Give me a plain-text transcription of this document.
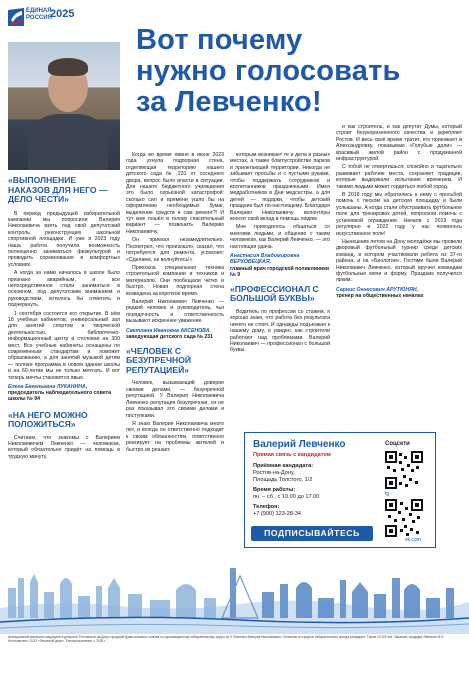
ЕДИНАЯ
РОССИЯ
2025
Вот почему
нужно голосовать
за Левченко!
«ВЫПОЛНЕНИЕ НАКАЗОВ ДЛЯ НЕГО — ДЕЛО ЧЕСТИ»

В период предыдущей избирательной кампании мы попросили Валерия Николаевича взять под свой депутатский контроль реконструкцию школьной спортивной площадки. И уже в 2023 году наша работа получила возможность полноценно заниматься физкультурой и проводить соревнования в комфортных условиях.

А когда за нами началось в школе было признано аварийным, и все непосредственное стали заниматься в основном, под депутатским вниманием и руководством, хотелось бы отметить и подчеркнуть.

1 сентября состоится его открытие. В нём 18 учебных кабинетов, универсальный зал для занятий спортом и творческой деятельностью, библиотечно-информационный центр и столовая на 300 мест. Все учебные кабинеты оснащены по современным стандартам и поможет образованию, а для занятий музыкой детям — полная программа в новом здании школы и на 60-летие мы не только мечтать. И вот теперь мечты становятся явью.

Елена Евгеньевна ЛУКАНИНА,
председатель наблюдательного совета школы № 94
«НА НЕГО МОЖНО ПОЛОЖИТЬСЯ»

Считаем, что знакомы с Валерием Николаевичем Левченко — человеком, который обязательно придёт на помощь в трудную минуту.

Когда во время ливня в июне 2023 года ухнула подпорная стена, отделяющая территорию нашего детского сада № 231 от соседнего двора, вопрос было власти в ситуации. Для нашего бюджетного учреждения это было серьёзной катастрофой: сколько сил и времени ушло бы на оформление необходимых бумаг, выделение средств и сам ремонт?! И тут мне пошёл в голову спасительный вариант — позвонить Валерию Николаевичу.

Он приехал незамедлительно. Посмотрел, что произошло, сказал, что потребуется для ремонта, успокоил: «Сделаем, не волнуйтесь!»

Приехала специальная техника строительной компании и техников и материалов. Они пообещали чётко и быстро. Новая подпорная стена возведена за короткое время.

Валерий Николаевич Левченко — редкий человек и руководитель, чья порядочность и ответственность вызывают искреннее уважение.

Светлана Ивановна АКСЕНОВА,
заведующая детского сада № 231
«ЧЕЛОВЕК С БЕЗУПРЕЧНОЙ РЕПУТАЦИЕЙ»

Человек, вызывающий доверие своими делами, — безупречной репутацией. У Валерия Николаевича Левченко репутация безупречная, он не раз показывал это своими делами и поступками.

Я знаю Валерия Николаевича много лет, и всегда он ответственно подходит к своим обязанностям, ответственно реагирует на проблемы жителей и быстро их решает.

которым возникает те и дела в разных местах, а также благоустройстве парков и прилегающей территории. Никогда не забывает просьбы и с пустыми руками, чтобы поддержать сотрудников и воспитанников праздничными. Имея медработников в Дни медсестры, а для детей — подарки, чтобы детский праздник был по-настоящему. Благодаря Валерию Николаевичу волонтёры вносят свой вклад в помощь людям.

Мне приходилось общаться со многими людьми, и общение с таким человеком, как Валерий Левченко, — это настоящая удача.

Анастасия Владимировна ВЕРХОВЕЦКАЯ,
главный врач городской поликлиники № 9
«ПРОФЕССИОНАЛ С БОЛЬШОЙ БУКВЫ»

Водитель по профессии со стажем, я хорошо знаю, что работа без результата ничего не стоит. И однажды подъезжая к нашему дому, я увидел, как строители работают над проблемами. Валерий Николаевич — профессионал с большой буквы.

и как строитель, и как депутат Думы, который строит безукоризненного качества и укрепляет Ростов. И весь своё время тратит, кто приезжает в Александровку, показываю «Голубые дали» — красивый жилой район с продуманной инфраструктурой.

С тобой не отвертишься: спокойно и тщательно развивает рабочие места, сохраняет традиции, которые выдержали испытание временем. И такими людьми может гордиться любой город.

В 2018 году мы обратились к нему с просьбой помочь с песком на детскую площадку и были услышаны. А когда стали обустраивать футбольное поле для тренировок детей, попросили помочь с установкой ограждения. Начали с 2019 года регулярно в 2022 году у нас появилось искусственное поле!

Нынешним летом на Дону молодёжи мы провели дворовый футбольный турнир среди детских команд, в котором участвовали ребята из 37-го района, и на «Биологии». Гостями были Валерий Николаевич Левченко, который вручил командам футбольные мячи и форму. Праздник получился ярким.

Сарнис Огнесович АРУТЮНЯН,
тренер на общественных началах
Валерий Левченко
Прямая связь с кандидатом
Приёмная кандидата:
Ростов-на-Дону,
Площадь Толстого, 1/2
Время работы:
пн. – сб., с 10.00 до 17.00
Телефон:
+7 (900) 123-28-34
ПОДПИСЫВАЙТЕСЬ
Соцсети
tg
vk.com
Агитационный материал кандидата в депутаты Ростовской-на-Дону городской Думы восьмого созыва по одномандатному избирательному округу № 9 Левченко Валерия Николаевича. Оплачено из средств избирательного фонда кандидата. Тираж 10 000 экз. Заказчик: кандидат Левченко В.Н. Изготовитель: ООО «Печатный двор». Распространение: с 2025 г.
